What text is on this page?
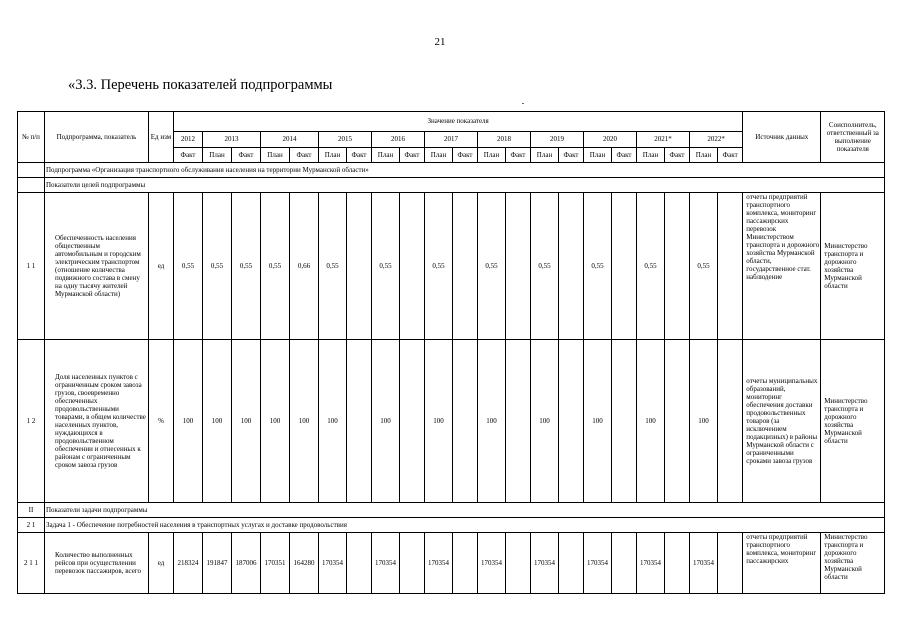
21
«3.3. Перечень показателей подпрограммы
№ п/п	Подпрограмма, показатель	Ед изм	Значение показателя																					Источник данных	Соисполнитель, ответственный за выполнение показателя
			2012	2013		2014		2015		2016		2017		2018		2019		2020		2021*		2022*			
			Факт	План	Факт	План	Факт	План	Факт	План	Факт	План	Факт	План	Факт	План	Факт	План	Факт	План	Факт	План	Факт		
	Подпрограмма «Организация транспортного обслуживания населения на территории Мурманской области»																								
	Показатели целей подпрограммы																								
1 1	Обеспеченность населения общественным автомобильным и городским электрическим транспортом (отношение количества подвижного состава в смену на одну тысячу жителей Мурманской области)	ед	0,55	0,55	0,55	0,55	0,66	0,55		0,55		0,55		0,55		0,55		0,55		0,55		0,55		отчеты предприятий транспортного комплекса, мониторинг пассажирских перевозок Министерством транспорта и дорожного хозяйства Мурманской области, государственное стат. наблюдение	Министерство транспорта и дорожного хозяйства Мурманской области
1 2	Доля населенных пунктов с ограниченным сроком завоза грузов, своевременно обеспеченных продовольственными товарами, в общем количестве населенных пунктов, нуждающихся в продовольственном обеспечении и отнесенных к районам с ограниченным сроком завоза грузов	%	100	100	100	100	100	100		100		100		100		100		100		100		100		отчеты муниципальных образований, мониторинг обеспечения доставки продовольственных товаров (за исключением подакцизных) в районы Мурманской области с ограниченными сроками завоза грузов	Министерство транспорта и дорожного хозяйства Мурманской области
II	Показатели задачи подпрограммы																								
2 1	Задача 1 - Обеспечение потребностей населения в транспортных услугах и доставке продовольствия																								
2 1 1	Количество выполненных рейсов при осуществлении перевозок пассажиров, всего	ед	218324	191847	187006	170351	164280	170354		170354		170354		170354		170354		170354		170354		170354		отчеты предприятий транспортного комплекса, мониторинг пассажирских	Министерство транспорта и дорожного хозяйства Мурманской области
